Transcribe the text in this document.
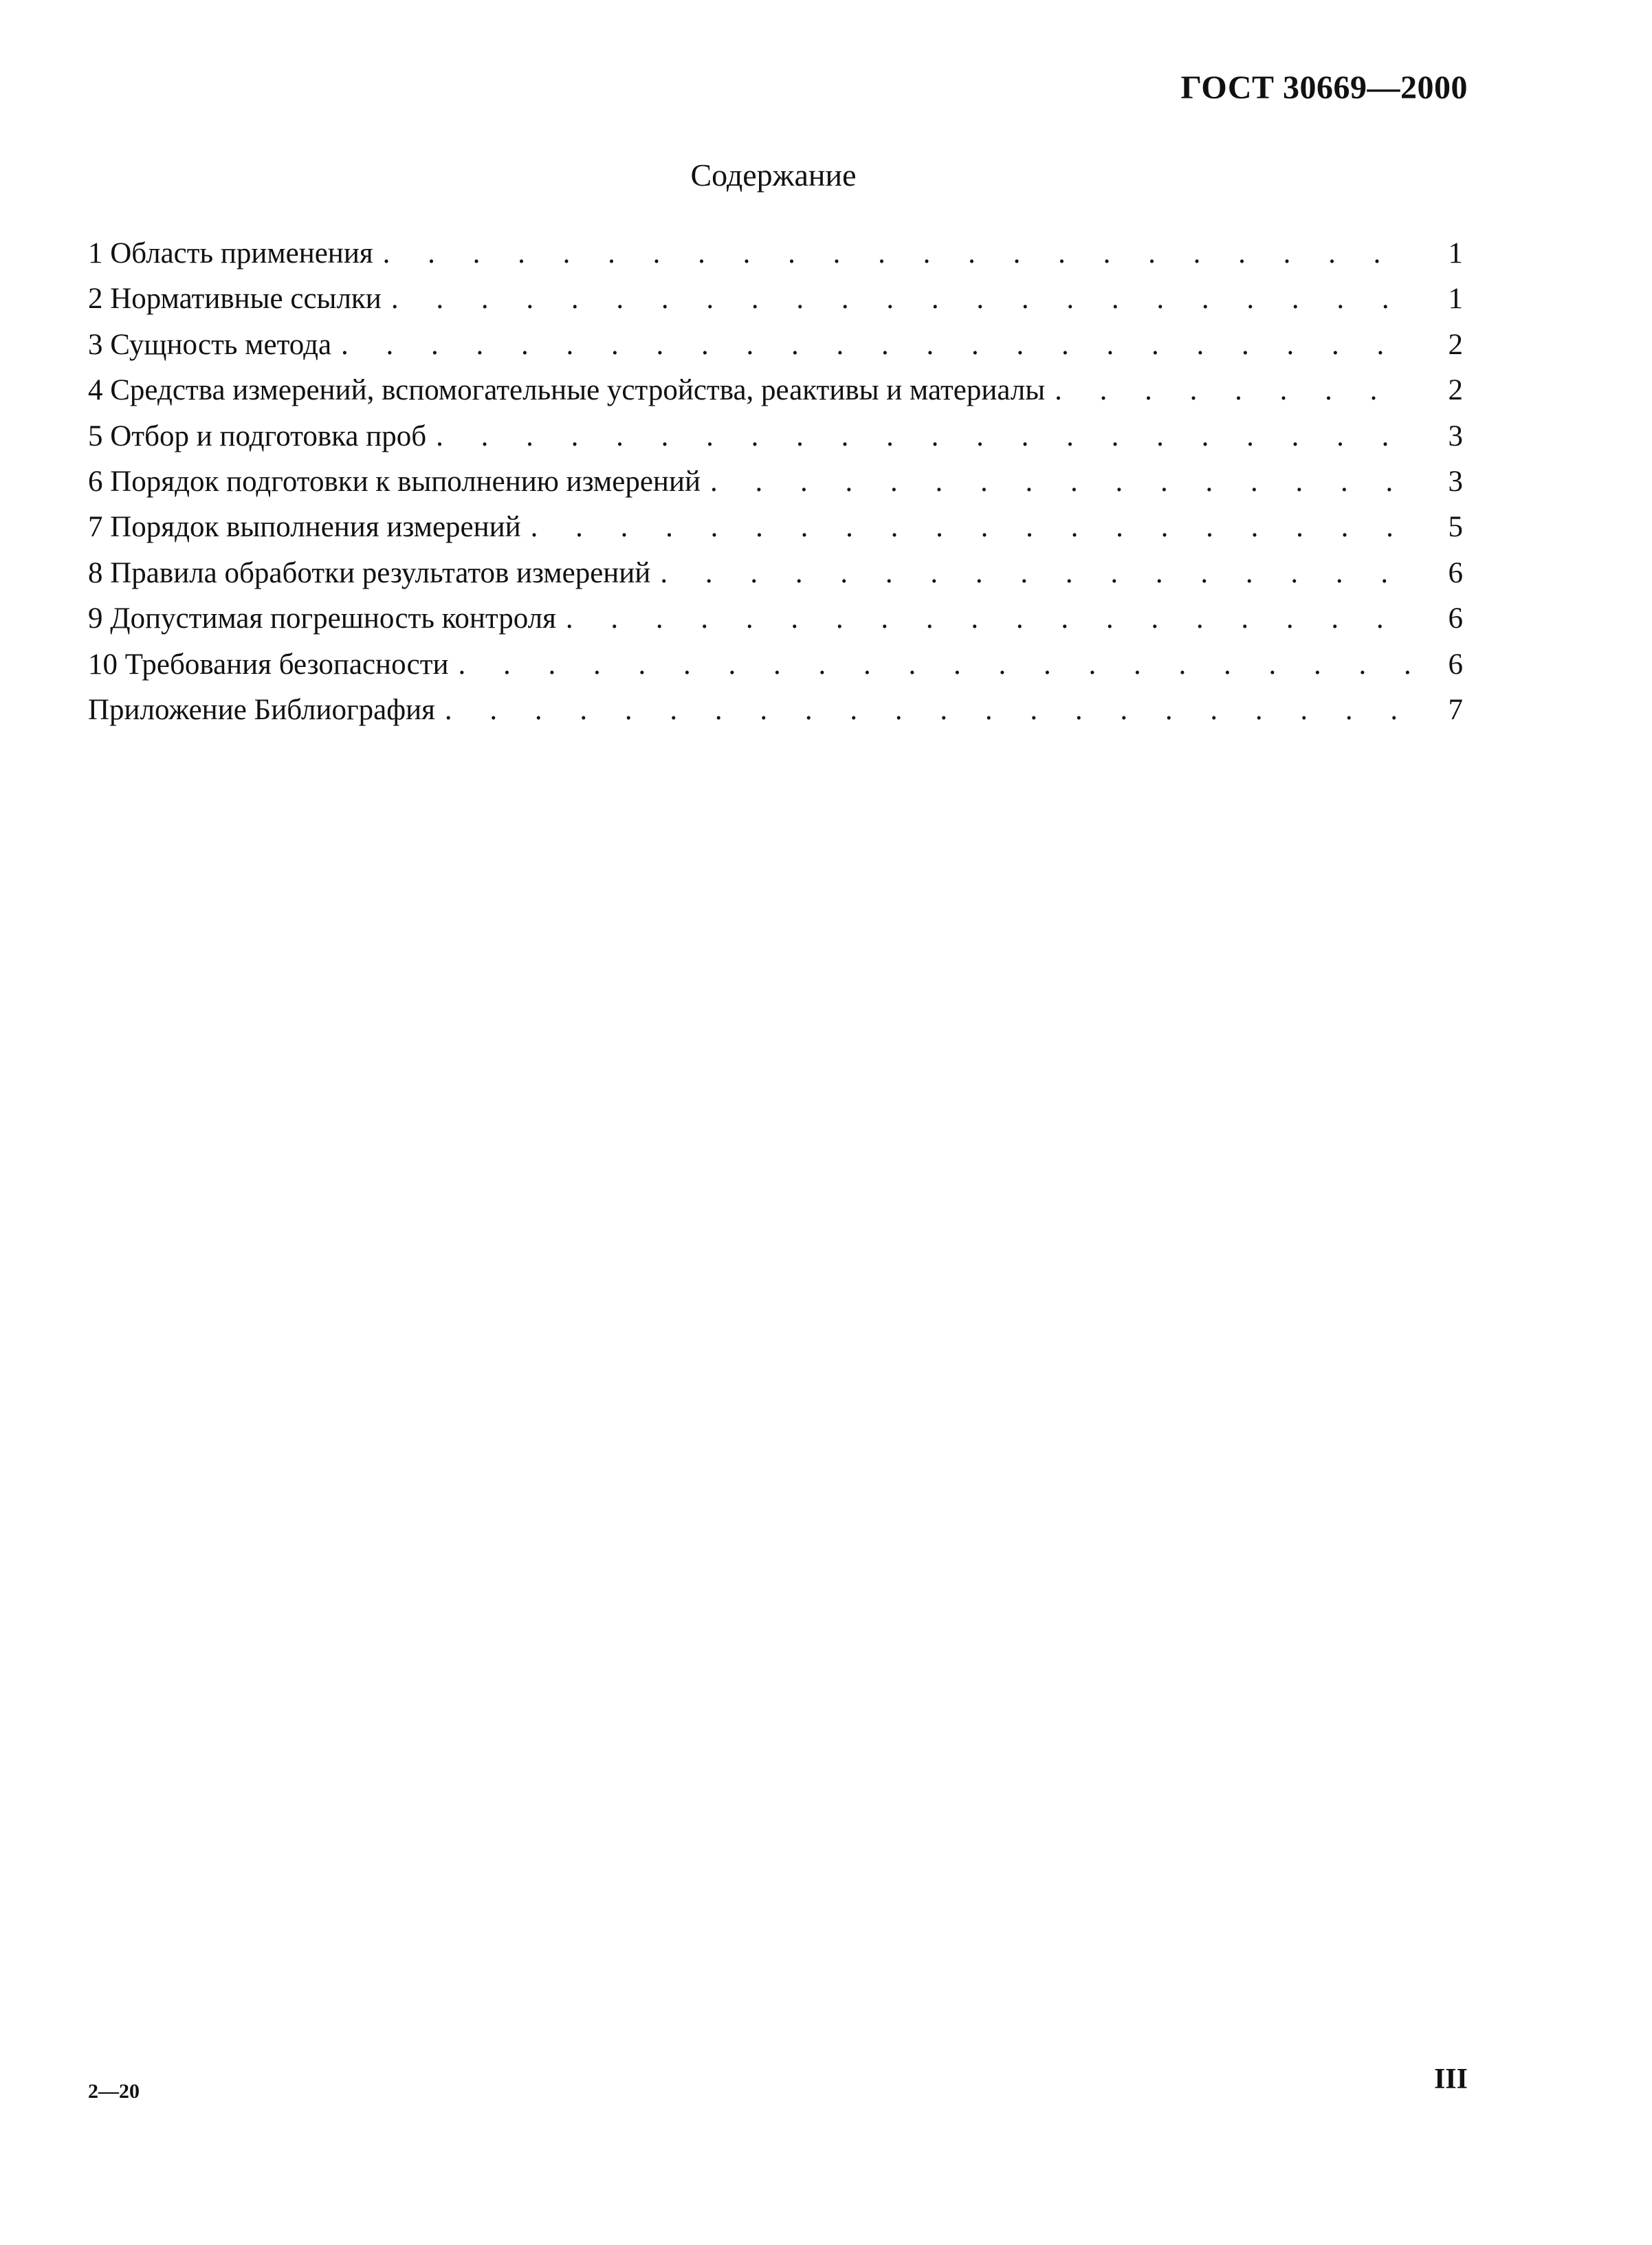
ГОСТ 30669—2000
Содержание
1 Область применения . . .	1
2 Нормативные ссылки . . .	1
3 Сущность метода . . .	2
4 Средства измерений, вспомогательные устройства, реактивы и материалы . . .	2
5 Отбор и подготовка проб . . .	3
6 Порядок подготовки к выполнению измерений . . .	3
7 Порядок выполнения измерений . . .	5
8 Правила обработки результатов измерений . . .	6
9 Допустимая погрешность контроля . . .	6
10 Требования безопасности . . .	6
Приложение Библиография . . .	7
2—20	III
